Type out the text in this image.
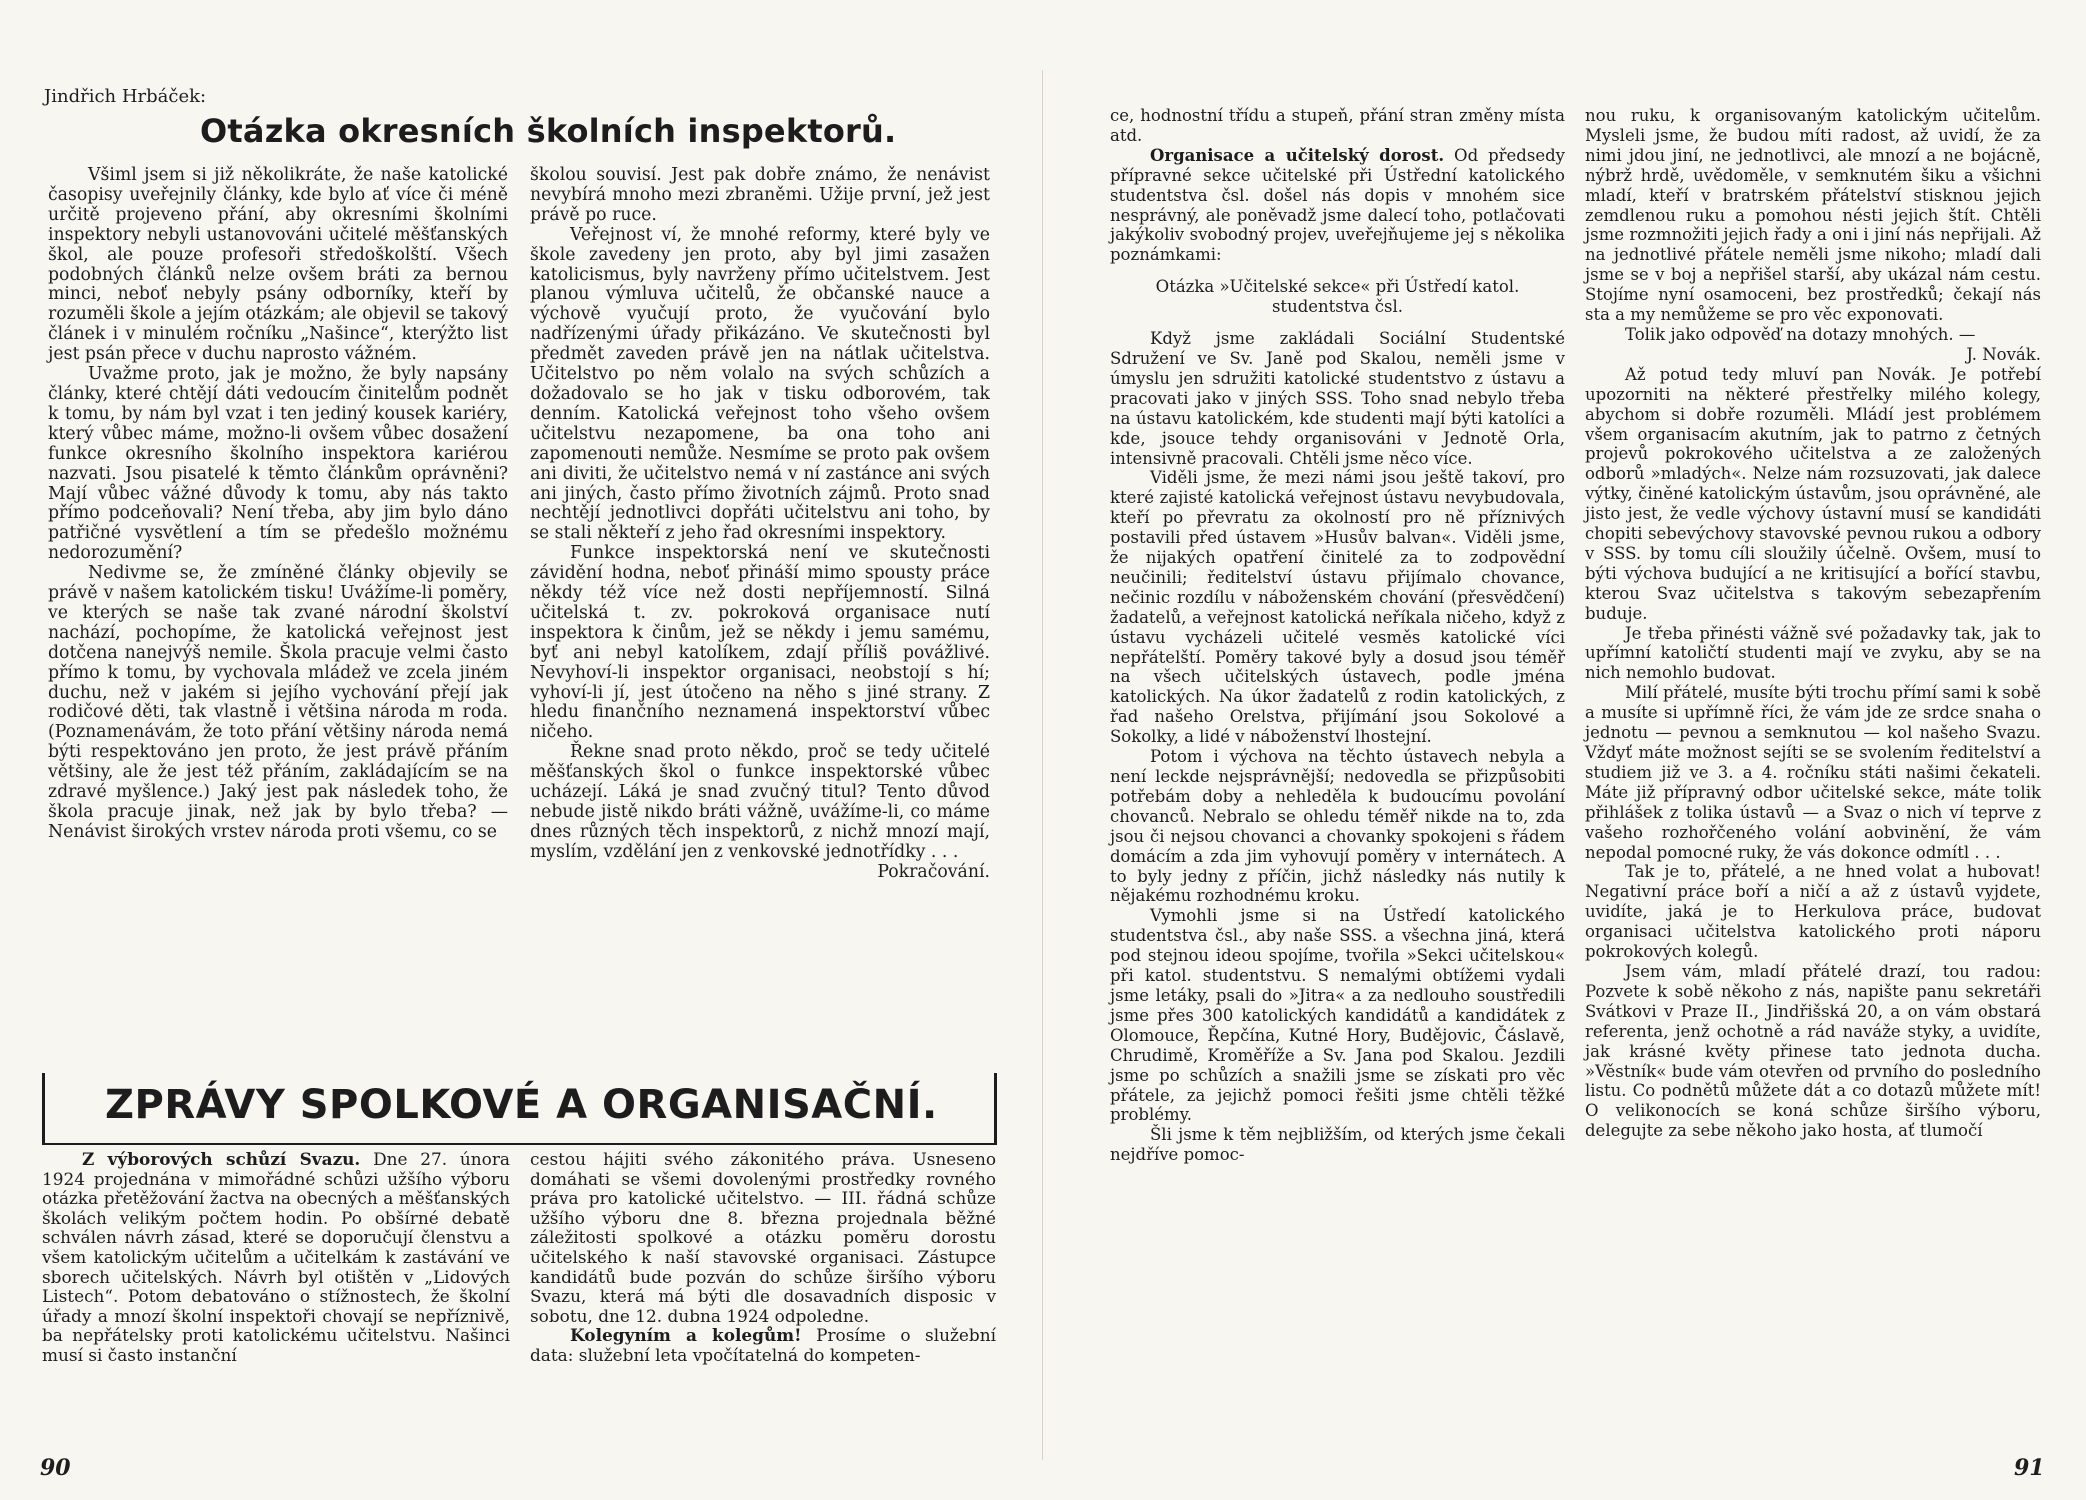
Jindřich Hrbáček:
Otázka okresních školních inspektorů.

Všiml jsem si již několikráte, že naše katolické časopisy uveřejnily články, kde bylo ať více či méně určitě projeveno přání, aby okresními školními inspektory nebyli ustanovováni učitelé měšťanských škol, ale pouze profesoři středoškolští. Všech podobných článků nelze ovšem bráti za bernou minci, neboť nebyly psány odborníky, kteří by rozuměli škole a jejím otázkám; ale objevil se takový článek i v minulém ročníku „Našince“, kterýžto list jest psán přece v duchu naprosto vážném.

Uvažme proto, jak je možno, že byly napsány články, které chtějí dáti vedoucím činitelům podnět k tomu, by nám byl vzat i ten jediný kousek kariéry, který vůbec máme, možno-li ovšem vůbec dosažení funkce okresního školního inspektora kariérou nazvati. Jsou pisatelé k těmto článkům oprávněni? Mají vůbec vážné důvody k tomu, aby nás takto přímo podceňovali? Není třeba, aby jim bylo dáno patřičné vysvětlení a tím se předešlo možnému nedorozumění?

Nedivme se, že zmíněné články objevily se právě v našem katolickém tisku! Uvážíme-li poměry, ve kterých se naše tak zvané národní školství nachází, pochopíme, že katolická veřejnost jest dotčena nanejvýš nemile. Škola pracuje velmi často přímo k tomu, by vychovala mládež ve zcela jiném duchu, než v jakém si jejího vychování přejí jak rodičové děti, tak vlastně i většina národa m roda. (Poznamenávám, že toto přání většiny národa nemá býti respektováno jen proto, že jest právě přáním většiny, ale že jest též přáním, zakládajícím se na zdravé myšlence.) Jaký jest pak následek toho, že škola pracuje jinak, než jak by bylo třeba? — Nenávist širokých vrstev národa proti všemu, co se

školou souvisí. Jest pak dobře známo, že nenávist nevybírá mnoho mezi zbraněmi. Užije první, jež jest právě po ruce.

Veřejnost ví, že mnohé reformy, které byly ve škole zavedeny jen proto, aby byl jimi zasažen katolicismus, byly navrženy přímo učitelstvem. Jest planou výmluva učitelů, že občanské nauce a výchově vyučují proto, že vyučování bylo nadřízenými úřady přikázáno. Ve skutečnosti byl předmět zaveden právě jen na nátlak učitelstva. Učitelstvo po něm volalo na svých schůzích a dožadovalo se ho jak v tisku odborovém, tak denním. Katolická veřejnost toho všeho ovšem učitelstvu nezapomene, ba ona toho ani zapomenouti nemůže. Nesmíme se proto pak ovšem ani diviti, že učitelstvo nemá v ní zastánce ani svých ani jiných, často přímo životních zájmů. Proto snad nechtějí jednotlivci dopřáti učitelstvu ani toho, by se stali někteří z jeho řad okresními inspektory.

Funkce inspektorská není ve skutečnosti závidění hodna, neboť přináší mimo spousty práce někdy též více než dosti nepříjemností. Silná učitelská t. zv. pokroková organisace nutí inspektora k činům, jež se někdy i jemu samému, byť ani nebyl katolíkem, zdají příliš povážlivé. Nevyhoví-li inspektor organisaci, neobstojí s hí; vyhoví-li jí, jest útočeno na něho s jiné strany. Z hledu finančního neznamená inspektorství vůbec ničeho.

Řekne snad proto někdo, proč se tedy učitelé měšťanských škol o funkce inspektorské vůbec ucházejí. Láká je snad zvučný titul? Tento důvod nebude jistě nikdo bráti vážně, uvážíme-li, co máme dnes různých těch inspektorů, z nichž mnozí mají, myslím, vzdělání jen z venkovské jednotřídky . . .

Pokračování.

ZPRÁVY SPOLKOVÉ A ORGANISAČNÍ.

Z výborových schůzí Svazu. Dne 27. února 1924 projednána v mimořádné schůzi užšího výboru otázka přetěžování žactva na obecných a měšťanských školách velikým počtem hodin. Po obšírné debatě schválen návrh zásad, které se doporučují členstvu a všem katolickým učitelům a učitelkám k zastávání ve sborech učitelských. Návrh byl otištěn v „Lidových Listech“. Potom debatováno o stížnostech, že školní úřady a mnozí školní inspektoři chovají se nepříznivě, ba nepřátelsky proti katolickému učitelstvu. Našinci musí si často instanční

cestou hájiti svého zákonitého práva. Usneseno domáhati se všemi dovolenými prostředky rovného práva pro katolické učitelstvo. — III. řádná schůze užšího výboru dne 8. března projednala běžné záležitosti spolkové a otázku poměru dorostu učitelského k naší stavovské organisaci. Zástupce kandidátů bude pozván do schůze širšího výboru Svazu, která má býti dle dosavadních disposic v sobotu, dne 12. dubna 1924 odpoledne.

Kolegyním a kolegům! Prosíme o služební data: služební leta vpočítatelná do kompeten-

90

ce, hodnostní třídu a stupeň, přání stran změny místa atd.

Organisace a učitelský dorost. Od předsedy přípravné sekce učitelské při Ústřední katolického studentstva čsl. došel nás dopis v mnohém sice nesprávný, ale poněvadž jsme dalecí toho, potlačovati jakýkoliv svobodný projev, uveřejňujeme jej s několika poznámkami:

Otázka »Učitelské sekce« při Ústředí katol. studentstva čsl.

Když jsme zakládali Sociální Studentské Sdružení ve Sv. Janě pod Skalou, neměli jsme v úmyslu jen sdružiti katolické studentstvo z ústavu a pracovati jako v jiných SSS. Toho snad nebylo třeba na ústavu katolickém, kde studenti mají býti katolíci a kde, jsouce tehdy organisováni v Jednotě Orla, intensivně pracovali. Chtěli jsme něco více.

Viděli jsme, že mezi námi jsou ještě takoví, pro které zajisté katolická veřejnost ústavu nevybudovala, kteří po převratu za okolností pro ně příznivých postavili před ústavem »Husův balvan«. Viděli jsme, že nijakých opatření činitelé za to zodpovědní neučinili; ředitelství ústavu přijímalo chovance, nečinic rozdílu v náboženském chování (přesvědčení) žadatelů, a veřejnost katolická neříkala ničeho, když z ústavu vycházeli učitelé vesměs katolické víci nepřátelští. Poměry takové byly a dosud jsou téměř na všech učitelských ústavech, podle jména katolických. Na úkor žadatelů z rodin katolických, z řad našeho Orelstva, přijímání jsou Sokolové a Sokolky, a lidé v náboženství lhostejní.

Potom i výchova na těchto ústavech nebyla a není leckde nejsprávnější; nedovedla se přizpůsobiti potřebám doby a nehleděla k budoucímu povolání chovanců. Nebralo se ohledu téměř nikde na to, zda jsou či nejsou chovanci a chovanky spokojeni s řádem domácím a zda jim vyhovují poměry v internátech. A to byly jedny z příčin, jichž následky nás nutily k nějakému rozhodnému kroku.

Vymohli jsme si na Ústředí katolického studentstva čsl., aby naše SSS. a všechna jiná, která pod stejnou ideou spojíme, tvořila »Sekci učitelskou« při katol. studentstvu. S nemalými obtížemi vydali jsme letáky, psali do »Jitra« a za nedlouho soustředili jsme přes 300 katolických kandidátů a kandidátek z Olomouce, Řepčína, Kutné Hory, Budějovic, Čáslavě, Chrudimě, Kroměříže a Sv. Jana pod Skalou. Jezdili jsme po schůzích a snažili jsme se získati pro věc přátele, za jejichž pomoci řešiti jsme chtěli těžké problémy.

Šli jsme k těm nejbližším, od kterých jsme čekali nejdříve pomoc-

nou ruku, k organisovaným katolickým učitelům. Mysleli jsme, že budou míti radost, až uvidí, že za nimi jdou jiní, ne jednotlivci, ale mnozí a ne bojácně, nýbrž hrdě, uvědoměle, v semknutém šiku a všichni mladí, kteří v bratrském přátelství stisknou jejich zemdlenou ruku a pomohou nésti jejich štít. Chtěli jsme rozmnožiti jejich řady a oni i jiní nás nepřijali. Až na jednotlivé přátele neměli jsme nikoho; mladí dali jsme se v boj a nepřišel starší, aby ukázal nám cestu. Stojíme nyní osamoceni, bez prostředků; čekají nás sta a my nemůžeme se pro věc exponovati.

Tolik jako odpověď na dotazy mnohých. —

J. Novák.

Až potud tedy mluví pan Novák. Je potřebí upozorniti na některé přestřelky milého kolegy, abychom si dobře rozuměli. Mládí jest problémem všem organisacím akutním, jak to patrno z četných projevů pokrokového učitelstva a ze založených odborů »mladých«. Nelze nám rozsuzovati, jak dalece výtky, činěné katolickým ústavům, jsou oprávněné, ale jisto jest, že vedle výchovy ústavní musí se kandidáti chopiti sebevýchovy stavovské pevnou rukou a odbory v SSS. by tomu cíli sloužily účelně. Ovšem, musí to býti výchova budující a ne kritisující a bořící stavbu, kterou Svaz učitelstva s takovým sebezapřením buduje.

Je třeba přinésti vážně své požadavky tak, jak to upřímní katoličtí studenti mají ve zvyku, aby se na nich nemohlo budovat.

Milí přátelé, musíte býti trochu přímí sami k sobě a musíte si upřímně říci, že vám jde ze srdce snaha o jednotu — pevnou a semknutou — kol našeho Svazu. Vždyť máte možnost sejíti se se svolením ředitelství a studiem již ve 3. a 4. ročníku státi našimi čekateli. Máte již přípravný odbor učitelské sekce, máte tolik přihlášek z tolika ústavů — a Svaz o nich ví teprve z vašeho rozhořčeného volání aobvinění, že vám nepodal pomocné ruky, že vás dokonce odmítl . . .

Tak je to, přátelé, a ne hned volat a hubovat! Negativní práce boří a ničí a až z ústavů vyjdete, uvidíte, jaká je to Herkulova práce, budovat organisaci učitelstva katolického proti náporu pokrokových kolegů.

Jsem vám, mladí přátelé drazí, tou radou: Pozvete k sobě někoho z nás, napište panu sekretáři Svátkovi v Praze II., Jindřišská 20, a on vám obstará referenta, jenž ochotně a rád naváže styky, a uvidíte, jak krásné květy přinese tato jednota ducha. »Věstník« bude vám otevřen od prvního do posledního listu. Co podnětů můžete dát a co dotazů můžete mít! O velikonocích se koná schůze širšího výboru, delegujte za sebe někoho jako hosta, ať tlumočí

91
